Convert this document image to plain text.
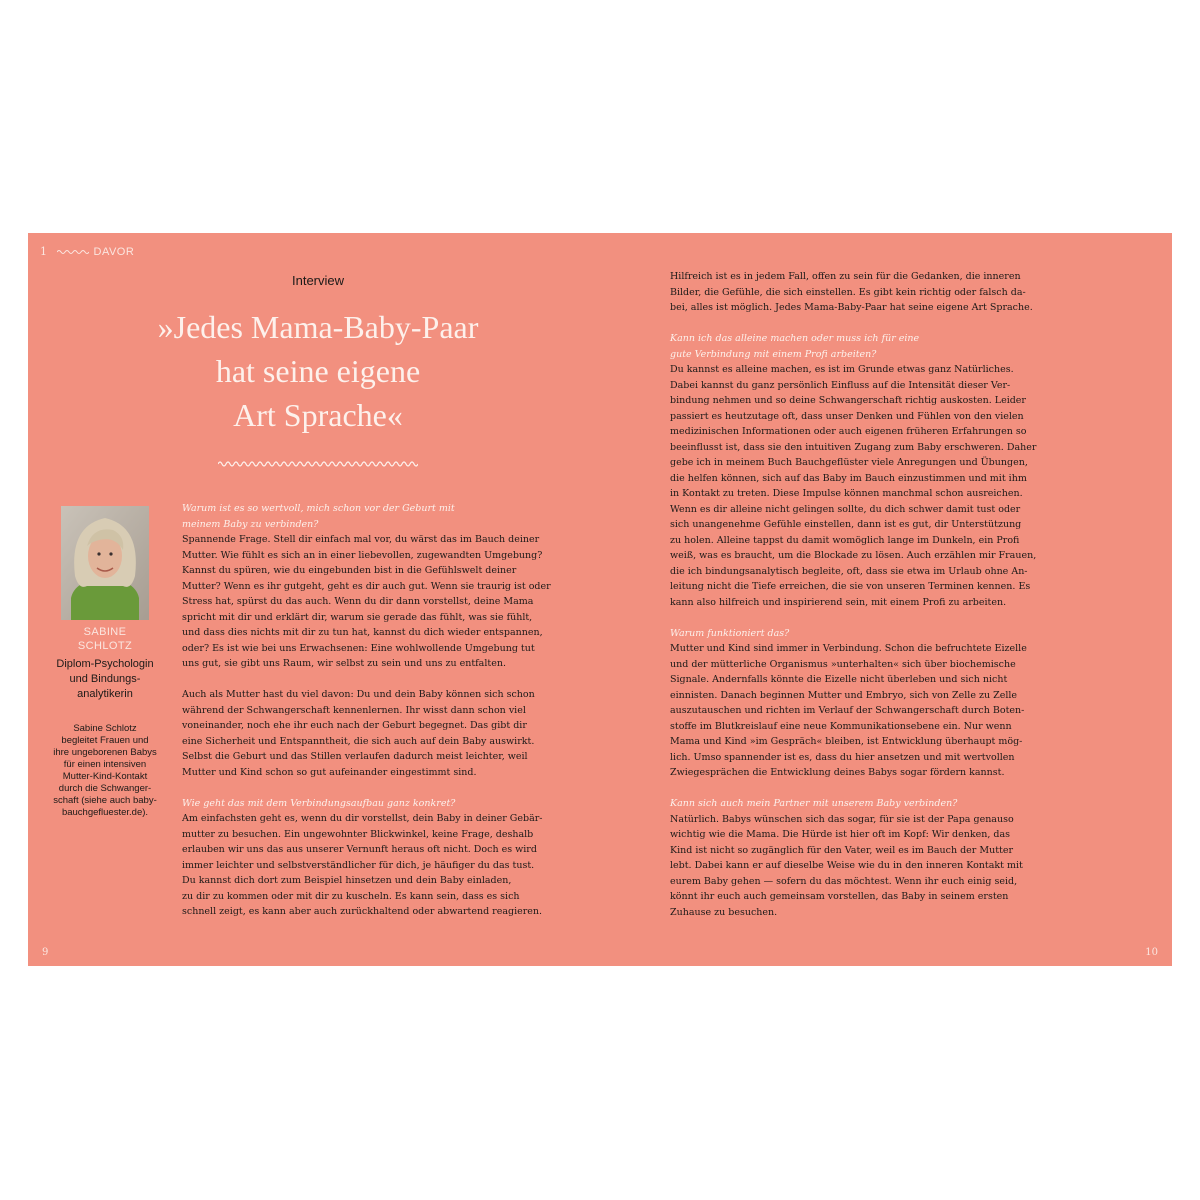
1	DAVOR
Interview
»Jedes Mama-Baby-Paar
hat seine eigene
Art Sprache«
SABINE
SCHLOTZ
Diplom-Psychologin
und Bindungs-
analytikerin
Sabine Schlotz
begleitet Frauen und
ihre ungeborenen Babys
für einen intensiven
Mutter-Kind-Kontakt
durch die Schwanger-
schaft (siehe auch baby-
bauchgefluester.de).
Warum ist es so wertvoll, mich schon vor der Geburt mit
meinem Baby zu verbinden?
Spannende Frage. Stell dir einfach mal vor, du wärst das im Bauch deiner
Mutter. Wie fühlt es sich an in einer liebevollen, zugewandten Umgebung?
Kannst du spüren, wie du eingebunden bist in die Gefühlswelt deiner
Mutter? Wenn es ihr gutgeht, geht es dir auch gut. Wenn sie traurig ist oder
Stress hat, spürst du das auch. Wenn du dir dann vorstellst, deine Mama
spricht mit dir und erklärt dir, warum sie gerade das fühlt, was sie fühlt,
und dass dies nichts mit dir zu tun hat, kannst du dich wieder entspannen,
oder? Es ist wie bei uns Erwachsenen: Eine wohlwollende Umgebung tut
uns gut, sie gibt uns Raum, wir selbst zu sein und uns zu entfalten.
Auch als Mutter hast du viel davon: Du und dein Baby können sich schon
während der Schwangerschaft kennenlernen. Ihr wisst dann schon viel
voneinander, noch ehe ihr euch nach der Geburt begegnet. Das gibt dir
eine Sicherheit und Entspanntheit, die sich auch auf dein Baby auswirkt.
Selbst die Geburt und das Stillen verlaufen dadurch meist leichter, weil
Mutter und Kind schon so gut aufeinander eingestimmt sind.
Wie geht das mit dem Verbindungsaufbau ganz konkret?
Am einfachsten geht es, wenn du dir vorstellst, dein Baby in deiner Gebär-
mutter zu besuchen. Ein ungewohnter Blickwinkel, keine Frage, deshalb
erlauben wir uns das aus unserer Vernunft heraus oft nicht. Doch es wird
immer leichter und selbstverständlicher für dich, je häufiger du das tust.
Du kannst dich dort zum Beispiel hinsetzen und dein Baby einladen,
zu dir zu kommen oder mit dir zu kuscheln. Es kann sein, dass es sich
schnell zeigt, es kann aber auch zurückhaltend oder abwartend reagieren.
Hilfreich ist es in jedem Fall, offen zu sein für die Gedanken, die inneren
Bilder, die Gefühle, die sich einstellen. Es gibt kein richtig oder falsch da-
bei, alles ist möglich. Jedes Mama-Baby-Paar hat seine eigene Art Sprache.
Kann ich das alleine machen oder muss ich für eine
gute Verbindung mit einem Profi arbeiten?
Du kannst es alleine machen, es ist im Grunde etwas ganz Natürliches.
Dabei kannst du ganz persönlich Einfluss auf die Intensität dieser Ver-
bindung nehmen und so deine Schwangerschaft richtig auskosten. Leider
passiert es heutzutage oft, dass unser Denken und Fühlen von den vielen
medizinischen Informationen oder auch eigenen früheren Erfahrungen so
beeinflusst ist, dass sie den intuitiven Zugang zum Baby erschweren. Daher
gebe ich in meinem Buch Bauchgeflüster viele Anregungen und Übungen,
die helfen können, sich auf das Baby im Bauch einzustimmen und mit ihm
in Kontakt zu treten. Diese Impulse können manchmal schon ausreichen.
Wenn es dir alleine nicht gelingen sollte, du dich schwer damit tust oder
sich unangenehme Gefühle einstellen, dann ist es gut, dir Unterstützung
zu holen. Alleine tappst du damit womöglich lange im Dunkeln, ein Profi
weiß, was es braucht, um die Blockade zu lösen. Auch erzählen mir Frauen,
die ich bindungsanalytisch begleite, oft, dass sie etwa im Urlaub ohne An-
leitung nicht die Tiefe erreichen, die sie von unseren Terminen kennen. Es
kann also hilfreich und inspirierend sein, mit einem Profi zu arbeiten.
Warum funktioniert das?
Mutter und Kind sind immer in Verbindung. Schon die befruchtete Eizelle
und der mütterliche Organismus »unterhalten« sich über biochemische
Signale. Andernfalls könnte die Eizelle nicht überleben und sich nicht
einnisten. Danach beginnen Mutter und Embryo, sich von Zelle zu Zelle
auszutauschen und richten im Verlauf der Schwangerschaft durch Boten-
stoffe im Blutkreislauf eine neue Kommunikationsebene ein. Nur wenn
Mama und Kind »im Gespräch« bleiben, ist Entwicklung überhaupt mög-
lich. Umso spannender ist es, dass du hier ansetzen und mit wertvollen
Zwiegesprächen die Entwicklung deines Babys sogar fördern kannst.
Kann sich auch mein Partner mit unserem Baby verbinden?
Natürlich. Babys wünschen sich das sogar, für sie ist der Papa genauso
wichtig wie die Mama. Die Hürde ist hier oft im Kopf: Wir denken, das
Kind ist nicht so zugänglich für den Vater, weil es im Bauch der Mutter
lebt. Dabei kann er auf dieselbe Weise wie du in den inneren Kontakt mit
eurem Baby gehen — sofern du das möchtest. Wenn ihr euch einig seid,
könnt ihr euch auch gemeinsam vorstellen, das Baby in seinem ersten
Zuhause zu besuchen.
9	10
